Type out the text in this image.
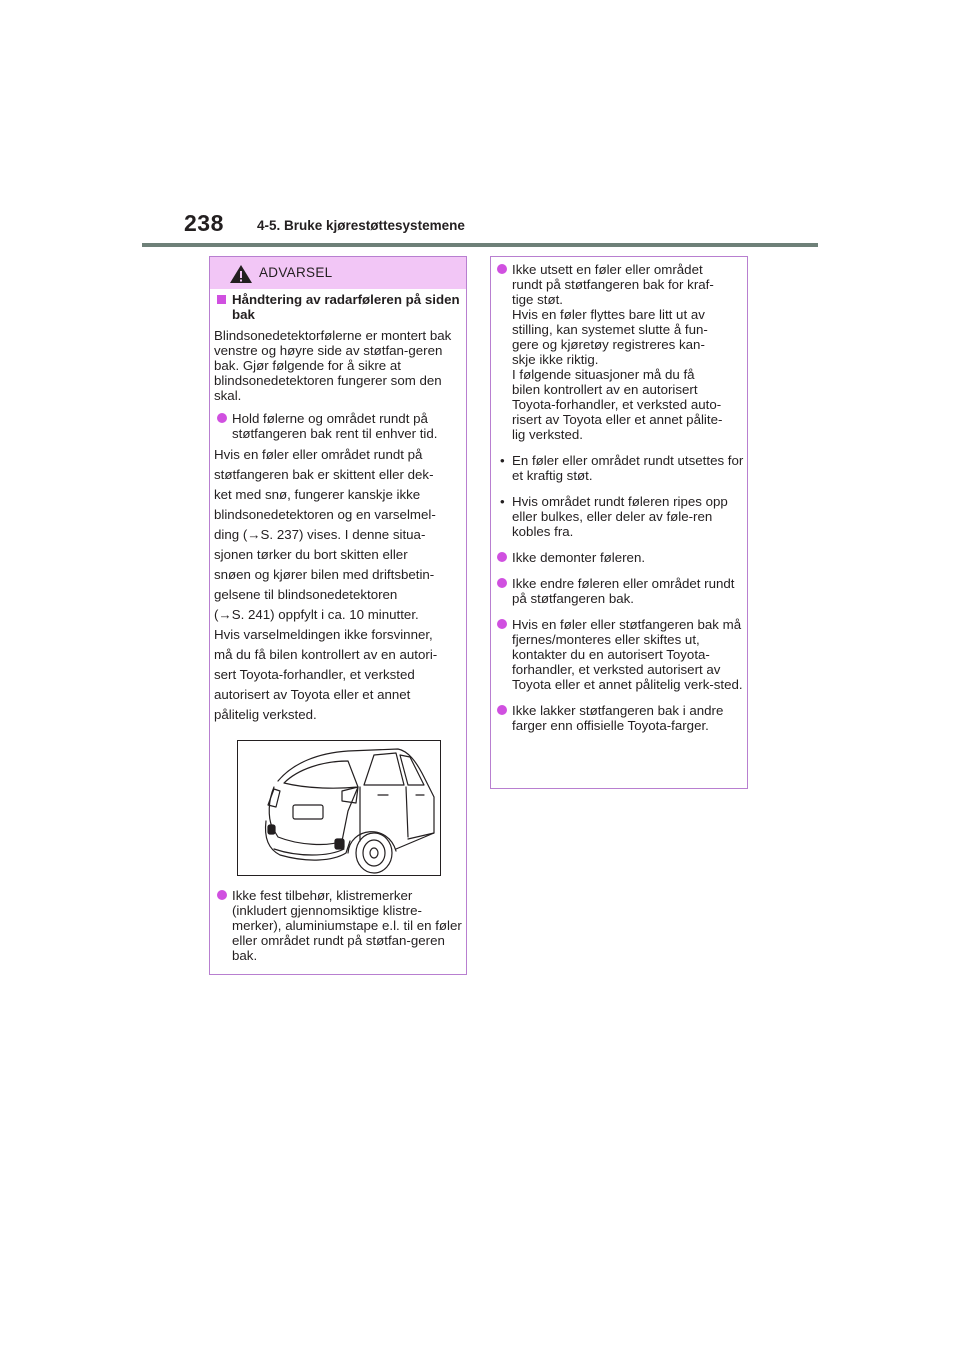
238 4-5. Bruke kjørestøttesystemene
ADVARSEL

Håndtering av radarføleren på siden bak

Blindsonedetektorfølerne er montert bak venstre og høyre side av støtfan-geren bak. Gjør følgende for å sikre at blindsonedetektoren fungerer som den skal.

Hold følerne og området rundt på støtfangeren bak rent til enhver tid.

Hvis en føler eller området rundt på
støtfangeren bak er skittent eller dek-
ket med snø, fungerer kanskje ikke
blindsonedetektoren og en varselmel-
ding (→S. 237) vises. I denne situa-
sjonen tørker du bort skitten eller
snøen og kjører bilen med driftsbetin-
gelsene til blindsonedetektoren
(→S. 241) oppfylt i ca. 10 minutter.
Hvis varselmeldingen ikke forsvinner,
må du få bilen kontrollert av en autori-
sert Toyota-forhandler, et verksted
autorisert av Toyota eller et annet
pålitelig verksted.

Ikke fest tilbehør, klistremerker (inkludert gjennomsiktige klistre-merker), aluminiumstape e.l. til en føler eller området rundt på støtfan-geren bak.

Ikke utsett en føler eller området
rundt på støtfangeren bak for kraf-
tige støt.
Hvis en føler flyttes bare litt ut av
stilling, kan systemet slutte å fun-
gere og kjøretøy registreres kan-
skje ikke riktig.
I følgende situasjoner må du få
bilen kontrollert av en autorisert
Toyota-forhandler, et verksted auto-
risert av Toyota eller et annet pålite-
lig verksted.

• En føler eller området rundt utsettes for et kraftig støt.

• Hvis området rundt føleren ripes opp eller bulkes, eller deler av føle-ren kobles fra.

Ikke demonter føleren.

Ikke endre føleren eller området rundt på støtfangeren bak.

Hvis en føler eller støtfangeren bak må fjernes/monteres eller skiftes ut, kontakter du en autorisert Toyota-forhandler, et verksted autorisert av Toyota eller et annet pålitelig verk-sted.

Ikke lakker støtfangeren bak i andre farger enn offisielle Toyota-farger.
